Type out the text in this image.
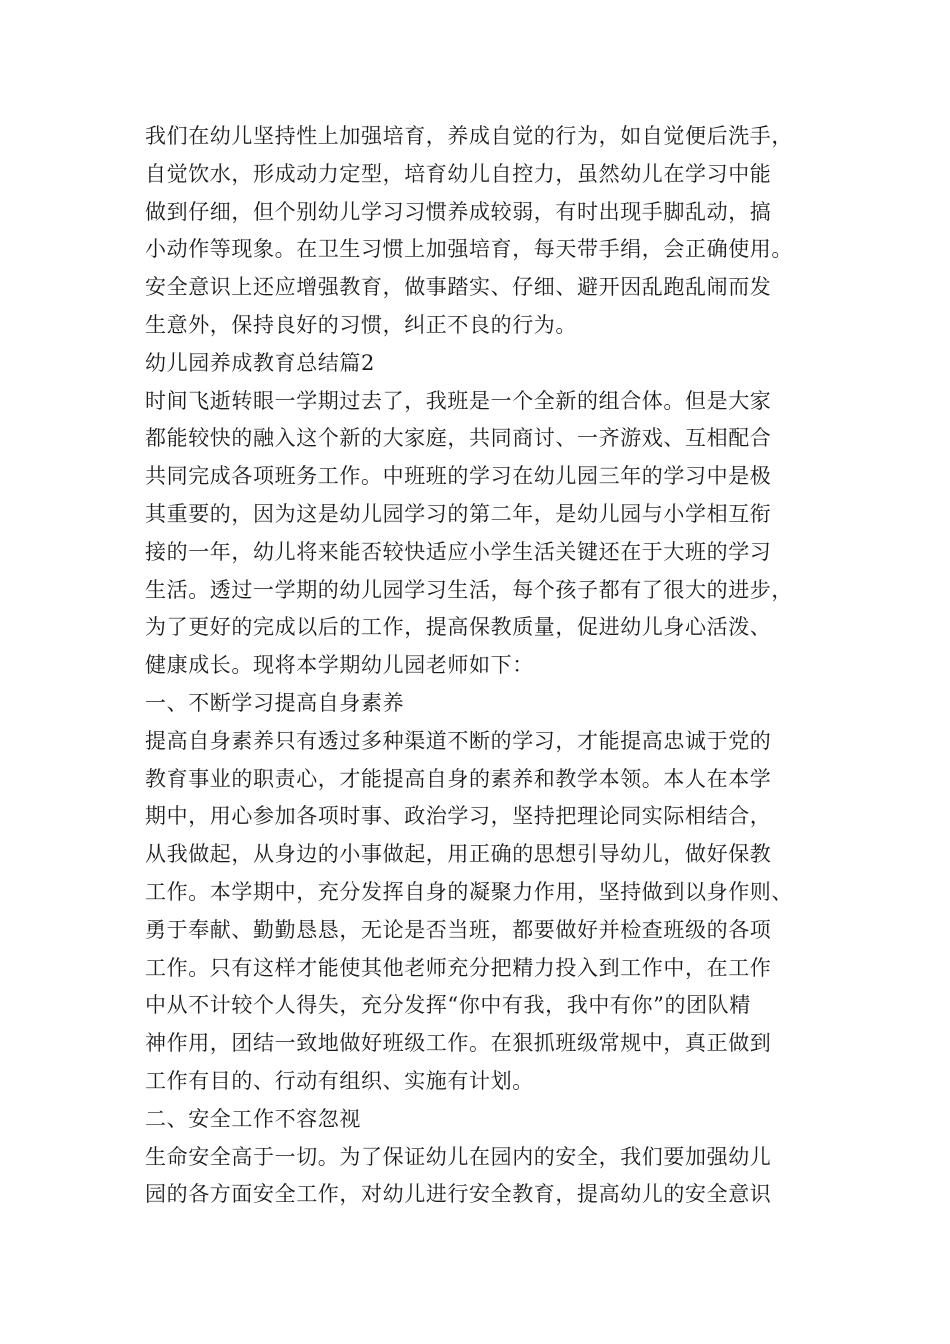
我们在幼儿坚持性上加强培育，养成自觉的行为，如自觉便后洗手，
自觉饮水，形成动力定型，培育幼儿自控力，虽然幼儿在学习中能
做到仔细，但个别幼儿学习习惯养成较弱，有时出现手脚乱动，搞
小动作等现象。在卫生习惯上加强培育，每天带手绢，会正确使用。
安全意识上还应增强教育，做事踏实、仔细、避开因乱跑乱闹而发
生意外，保持良好的习惯，纠正不良的行为。
幼儿园养成教育总结篇2
时间飞逝转眼一学期过去了，我班是一个全新的组合体。但是大家
都能较快的融入这个新的大家庭，共同商讨、一齐游戏、互相配合
共同完成各项班务工作。中班班的学习在幼儿园三年的学习中是极
其重要的，因为这是幼儿园学习的第二年，是幼儿园与小学相互衔
接的一年，幼儿将来能否较快适应小学生活关键还在于大班的学习
生活。透过一学期的幼儿园学习生活，每个孩子都有了很大的进步，
为了更好的完成以后的工作，提高保教质量，促进幼儿身心活泼、
健康成长。现将本学期幼儿园老师如下：
一、不断学习提高自身素养
提高自身素养只有透过多种渠道不断的学习，才能提高忠诚于党的
教育事业的职责心，才能提高自身的素养和教学本领。本人在本学
期中，用心参加各项时事、政治学习，坚持把理论同实际相结合，
从我做起，从身边的小事做起，用正确的思想引导幼儿，做好保教
工作。本学期中，充分发挥自身的凝聚力作用，坚持做到以身作则、
勇于奉献、勤勤恳恳，无论是否当班，都要做好并检查班级的各项
工作。只有这样才能使其他老师充分把精力投入到工作中，在工作
中从不计较个人得失，充分发挥“你中有我，我中有你”的团队精
神作用，团结一致地做好班级工作。在狠抓班级常规中，真正做到
工作有目的、行动有组织、实施有计划。
二、安全工作不容忽视
生命安全高于一切。为了保证幼儿在园内的安全，我们要加强幼儿
园的各方面安全工作，对幼儿进行安全教育，提高幼儿的安全意识
